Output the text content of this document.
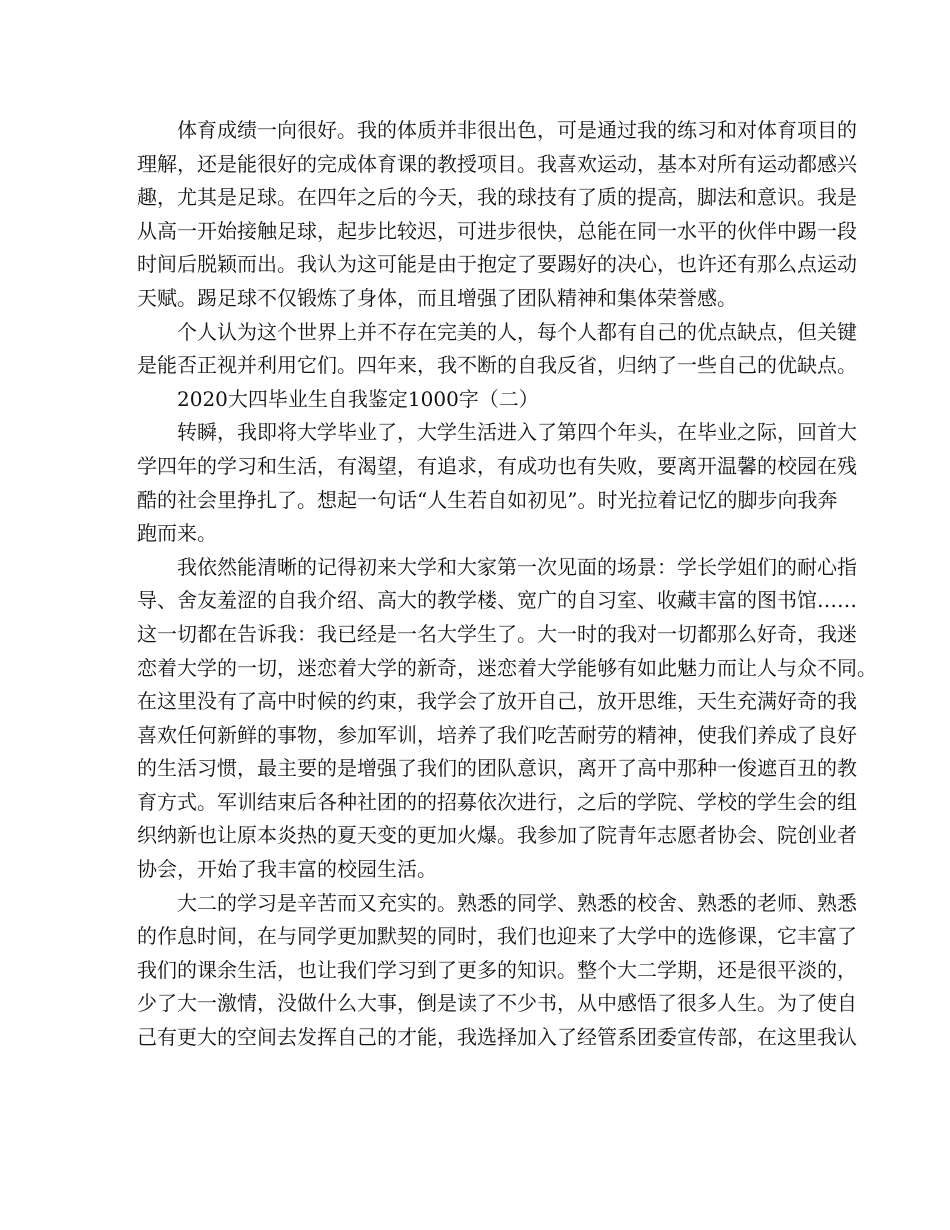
体育成绩一向很好。我的体质并非很出色，可是通过我的练习和对体育项目的
理解，还是能很好的完成体育课的教授项目。我喜欢运动，基本对所有运动都感兴
趣，尤其是足球。在四年之后的今天，我的球技有了质的提高，脚法和意识。我是
从高一开始接触足球，起步比较迟，可进步很快，总能在同一水平的伙伴中踢一段
时间后脱颖而出。我认为这可能是由于抱定了要踢好的决心，也许还有那么点运动
天赋。踢足球不仅锻炼了身体，而且增强了团队精神和集体荣誉感。
个人认为这个世界上并不存在完美的人，每个人都有自己的优点缺点，但关键
是能否正视并利用它们。四年来，我不断的自我反省，归纳了一些自己的优缺点。
2020大四毕业生自我鉴定1000字（二）
转瞬，我即将大学毕业了，大学生活进入了第四个年头，在毕业之际，回首大
学四年的学习和生活，有渴望，有追求，有成功也有失败，要离开温馨的校园在残
酷的社会里挣扎了。想起一句话“人生若自如初见”。时光拉着记忆的脚步向我奔
跑而来。
我依然能清晰的记得初来大学和大家第一次见面的场景：学长学姐们的耐心指
导、舍友羞涩的自我介绍、高大的教学楼、宽广的自习室、收藏丰富的图书馆……
这一切都在告诉我：我已经是一名大学生了。大一时的我对一切都那么好奇，我迷
恋着大学的一切，迷恋着大学的新奇，迷恋着大学能够有如此魅力而让人与众不同。
在这里没有了高中时候的约束，我学会了放开自己，放开思维，天生充满好奇的我
喜欢任何新鲜的事物，参加军训，培养了我们吃苦耐劳的精神，使我们养成了良好
的生活习惯，最主要的是增强了我们的团队意识，离开了高中那种一俊遮百丑的教
育方式。军训结束后各种社团的的招募依次进行，之后的学院、学校的学生会的组
织纳新也让原本炎热的夏天变的更加火爆。我参加了院青年志愿者协会、院创业者
协会，开始了我丰富的校园生活。
大二的学习是辛苦而又充实的。熟悉的同学、熟悉的校舍、熟悉的老师、熟悉
的作息时间，在与同学更加默契的同时，我们也迎来了大学中的选修课，它丰富了
我们的课余生活，也让我们学习到了更多的知识。整个大二学期，还是很平淡的，
少了大一激情，没做什么大事，倒是读了不少书，从中感悟了很多人生。为了使自
己有更大的空间去发挥自己的才能，我选择加入了经管系团委宣传部，在这里我认
